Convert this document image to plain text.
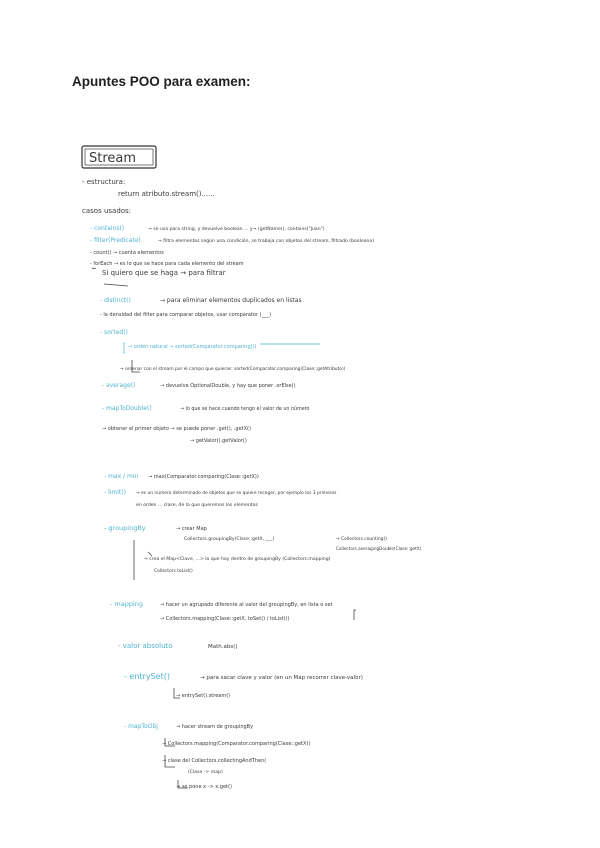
Apuntes POO para examen:
Stream
- estructura:
return atributo.stream()......
casos usados:
- contains()	→ se usa para string, y devuelve boolean ... y→ (getName(), contains("Juan")
- filter(Predicate)	→ filtra elementos según una condición, se trabaja con objetos del stream, filtrado (booleano)
- count() → cuenta elementos
- forEach → es lo que se hace para cada elemento del stream
Si quiero que se haga → para filtrar
- distinct()	→ para eliminar elementos duplicados en listas
- la densidad del filter para comparar objetos, usar comparator (___)
- sorted()
→ orden natural → sorted(Comparator.comparing())
→ ordenar con el stream por el campo que quieras: sorted(Comparator.comparing(Clase::getAtributo))
- average()	→ devuelve OptionalDouble, y hay que poner .orElse()
- mapToDouble()	→ lo que se hace cuando tengo el valor de un número
→ obtener el primer objeto → se puede poner .get(), .getX()
→ getValor().getValor()
- max / min → max(Comparator.comparing(Clase::getX))
- limit() → es un número determinado de objetos que se quiere recoger, por ejemplo los 3 primeros
en orden ... clase, de la que queremos los elementos
- groupingBy	→ crear Map
Collectors.groupingBy(Clase::getX, ___)	→ Collectors.counting()
Collectors.averagingDouble(Clase::getX)
→ crea el Map<Clave, ...> lo que hay dentro de groupingBy (Collectors.mapping)
Collectors.toList()
- mapping	→ hacer un agrupado diferente al valor del groupingBy, en lista o set
→ Collectors.mapping(Clase::getX, toSet() / toList())
- valor absoluto	Math.abs()
- entrySet()	→ para sacar clave y valor (en un Map recorrer clave-valor)
→ entrySet().stream()
- mapToObj	→ hacer stream de groupingBy
→ Collectors.mapping(Comparator.comparing(Clase::getX))
→ clase del Collectors.collectingAndThen(
(Clase -> map)
→ se pone x -> x.get()
